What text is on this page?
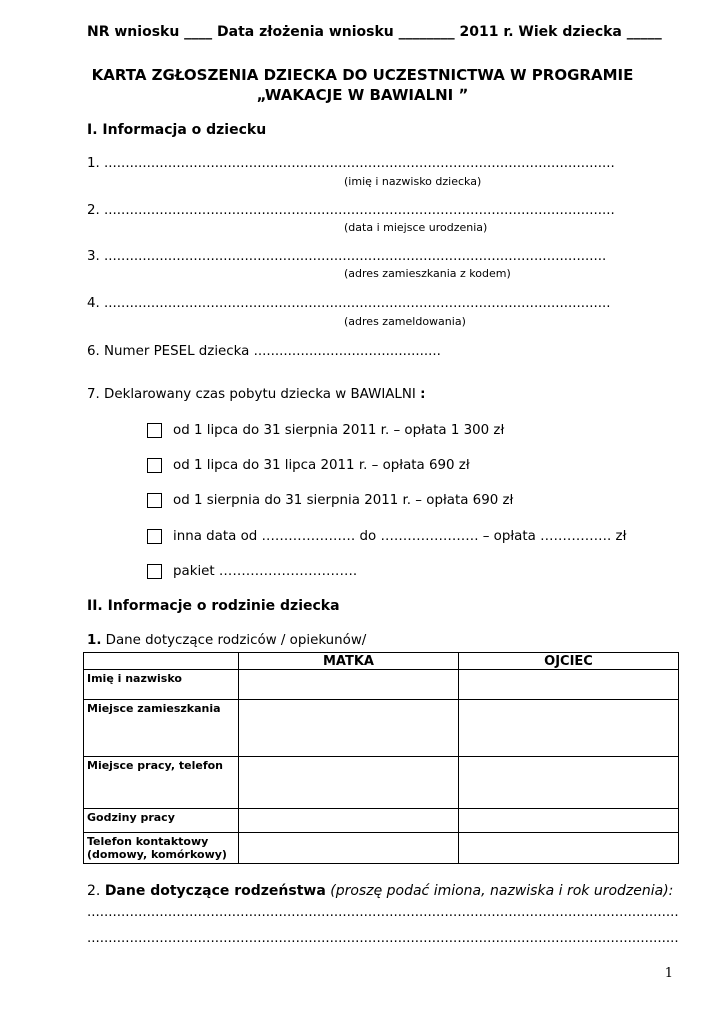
NR wniosku ____ Data złożenia wniosku ________ 2011 r. Wiek dziecka _____
KARTA ZGŁOSZENIA DZIECKA DO UCZESTNICTWA W PROGRAMIE
„WAKACJE W BAWIALNI ˮ
I. Informacja o dziecku
1. ........................................................................................................................
(imię i nazwisko dziecka)
2. ........................................................................................................................
(data i miejsce urodzenia)
3. ......................................................................................................................
(adres zamieszkania z kodem)
4. .......................................................................................................................
(adres zameldowania)
6. Numer PESEL dziecka ............................................
7. Deklarowany czas pobytu dziecka w BAWIALNI :
od 1 lipca do 31 sierpnia 2011 r. – opłata 1 300 zł
od 1 lipca do 31 lipca 2011 r. – opłata 690 zł
od 1 sierpnia do 31 sierpnia 2011 r. – opłata 690 zł
inna data od ………………… do …………………. – opłata ……………. zł
pakiet ………………………….
II. Informacje o rodzinie dziecka
1. Dane dotyczące rodziców / opiekunów/
	MATKA	OJCIEC
Imię i nazwisko		
Miejsce zamieszkania		
Miejsce pracy, telefon		
Godziny pracy		
Telefon kontaktowy (domowy, komórkowy)		
2. Dane dotyczące rodzeństwa (proszę podać imiona, nazwiska i rok urodzenia):
...........................................................................................................................................
...........................................................................................................................................
1
